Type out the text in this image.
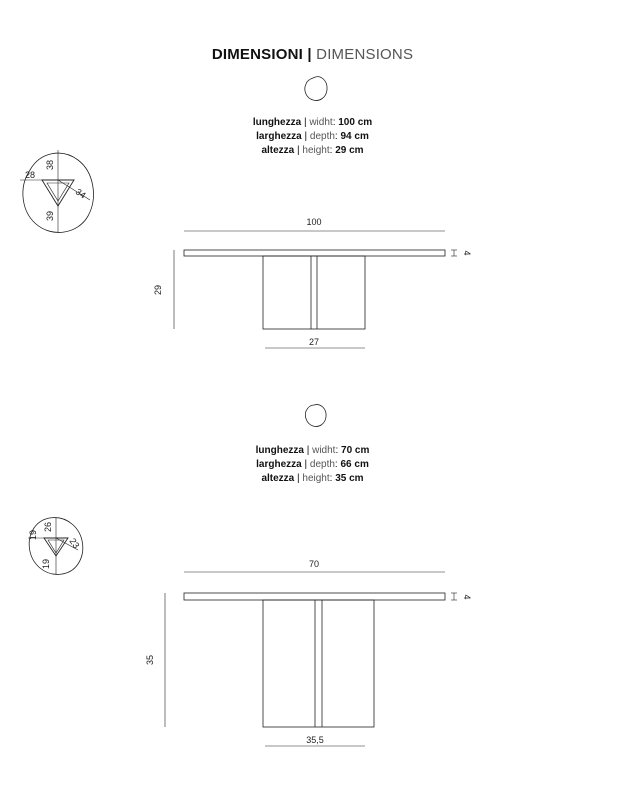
DIMENSIONI | DIMENSIONS
lunghezza | widht: 100 cm
larghezza | depth: 94 cm
altezza | height: 29 cm
lunghezza | widht: 70 cm
larghezza | depth: 66 cm
altezza | height: 35 cm
28
38
34
39
100
4
29
27
19
26
23
19	70
4
35
35,5
